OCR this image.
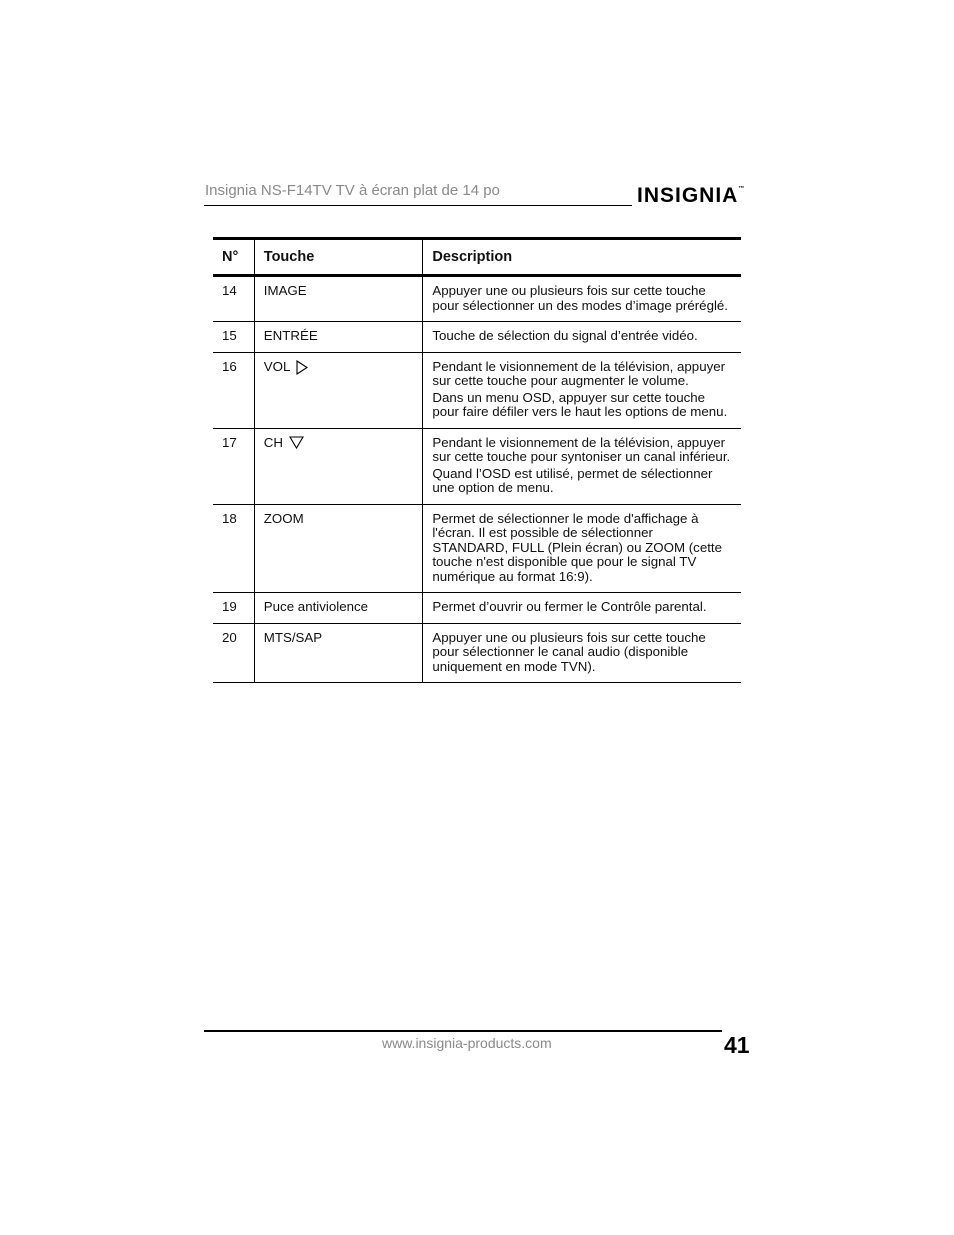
Insignia NS-F14TV TV à écran plat de 14 po	INSIGNIA™
N°	Touche	Description
14	IMAGE	Appuyer une ou plusieurs fois sur cette touche pour sélectionner un des modes d’image préréglé.

15	ENTRÉE	Touche de sélection du signal d’entrée vidéo.

16	VOL	Pendant le visionnement de la télévision, appuyer sur cette touche pour augmenter le volume.
Dans un menu OSD, appuyer sur cette touche pour faire défiler vers le haut les options de menu.

17	CH	Pendant le visionnement de la télévision, appuyer sur cette touche pour syntoniser un canal inférieur.
Quand l’OSD est utilisé, permet de sélectionner une option de menu.

18	ZOOM	Permet de sélectionner le mode d'affichage à l'écran. Il est possible de sélectionner STANDARD, FULL (Plein écran) ou ZOOM (cette touche n'est disponible que pour le signal TV numérique au format 16:9).

19	Puce antiviolence	Permet d’ouvrir ou fermer le Contrôle parental.

20	MTS/SAP	Appuyer une ou plusieurs fois sur cette touche pour sélectionner le canal audio (disponible uniquement en mode TVN).
www.insignia-products.com	41
